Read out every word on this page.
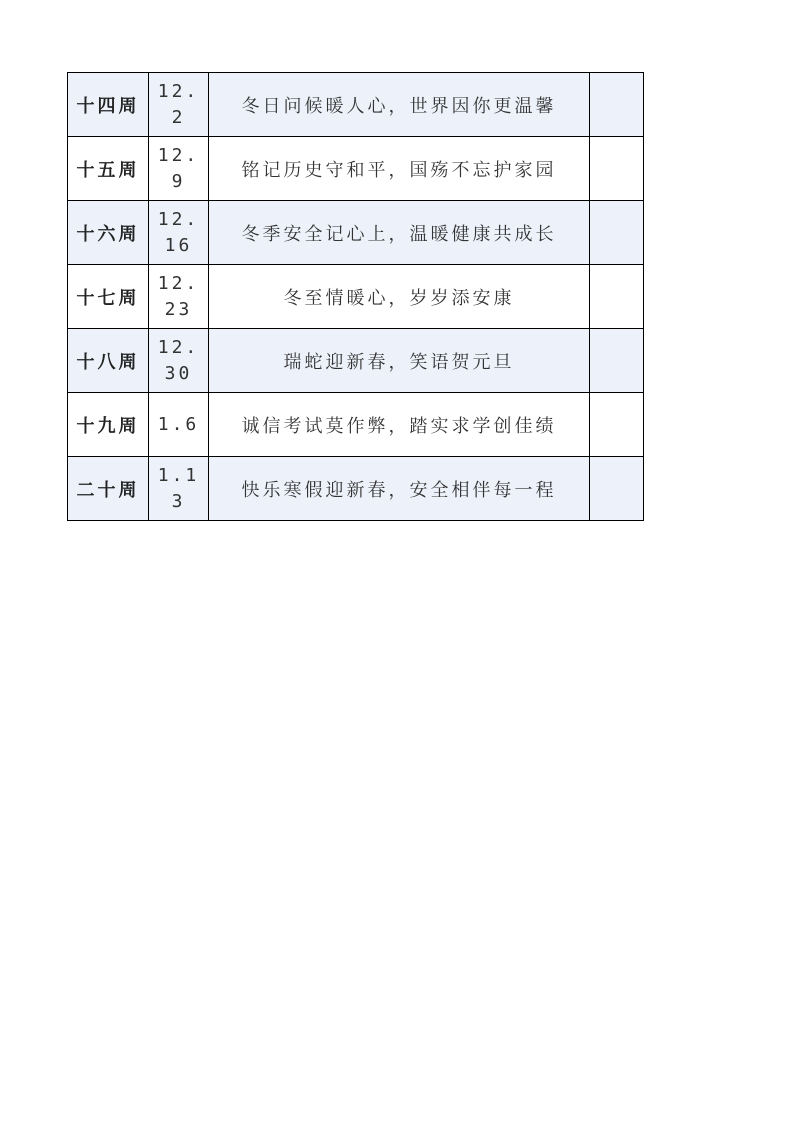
十四周	12.2	冬日问候暖人心，世界因你更温馨	
十五周	12.9	铭记历史守和平，国殇不忘护家园	
十六周	12.16	冬季安全记心上，温暖健康共成长	
十七周	12.23	冬至情暖心，岁岁添安康	
十八周	12.30	瑞蛇迎新春，笑语贺元旦	
十九周	1.6	诚信考试莫作弊，踏实求学创佳绩	
二十周	1.13	快乐寒假迎新春，安全相伴每一程	
